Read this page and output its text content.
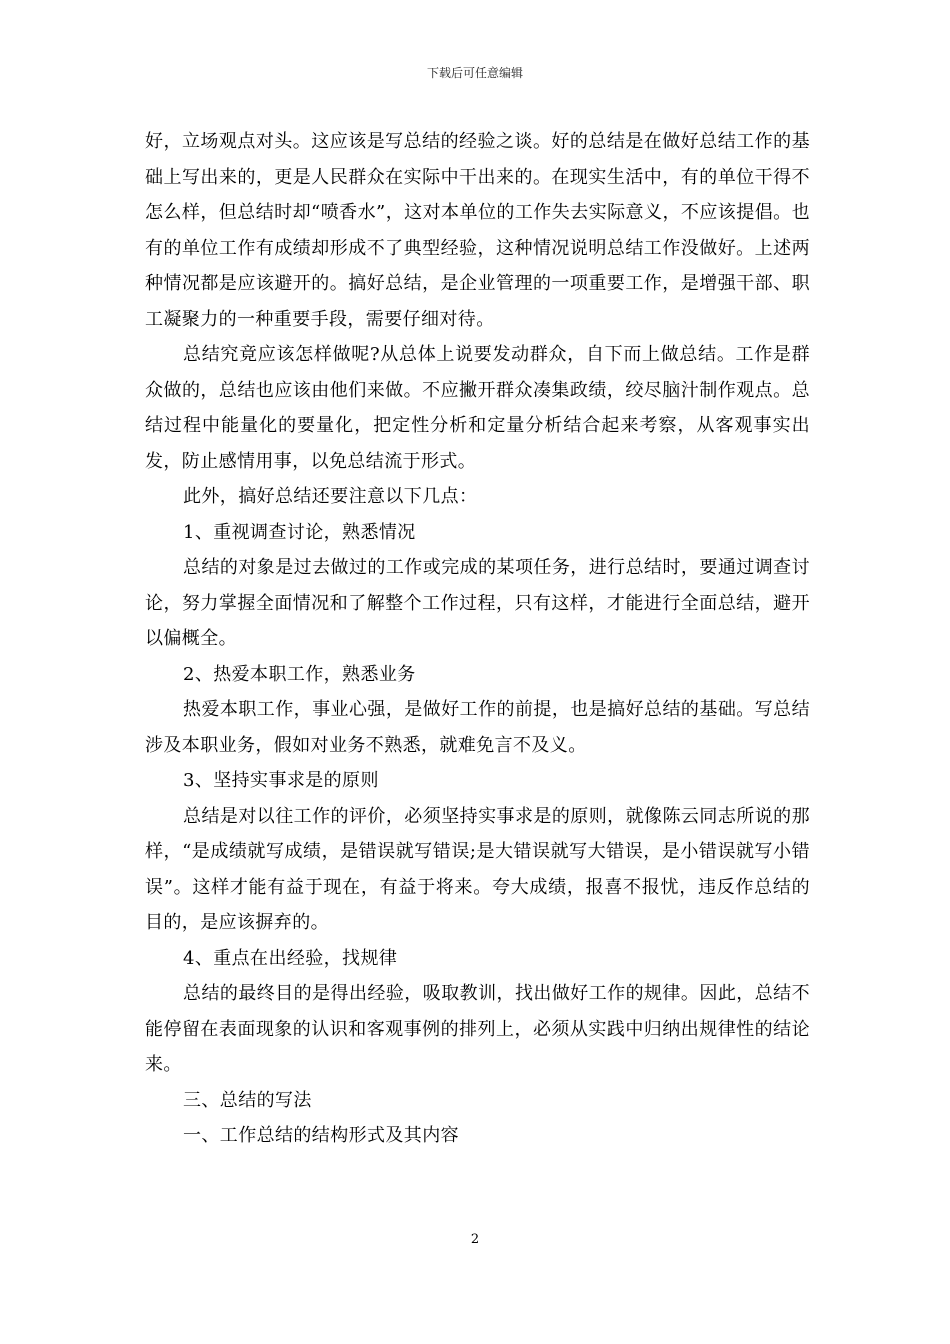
下载后可任意编辑

好，立场观点对头。这应该是写总结的经验之谈。好的总结是在做好总结工作的基础上写出来的，更是人民群众在实际中干出来的。在现实生活中，有的单位干得不怎么样，但总结时却“喷香水”，这对本单位的工作失去实际意义，不应该提倡。也有的单位工作有成绩却形成不了典型经验，这种情况说明总结工作没做好。上述两种情况都是应该避开的。搞好总结，是企业管理的一项重要工作，是增强干部、职工凝聚力的一种重要手段，需要仔细对待。

总结究竟应该怎样做呢?从总体上说要发动群众，自下而上做总结。工作是群众做的，总结也应该由他们来做。不应撇开群众凑集政绩，绞尽脑汁制作观点。总结过程中能量化的要量化，把定性分析和定量分析结合起来考察，从客观事实出发，防止感情用事，以免总结流于形式。

此外，搞好总结还要注意以下几点：

1、重视调查讨论，熟悉情况

总结的对象是过去做过的工作或完成的某项任务，进行总结时，要通过调查讨论，努力掌握全面情况和了解整个工作过程，只有这样，才能进行全面总结，避开以偏概全。

2、热爱本职工作，熟悉业务

热爱本职工作，事业心强，是做好工作的前提，也是搞好总结的基础。写总结涉及本职业务，假如对业务不熟悉，就难免言不及义。

3、坚持实事求是的原则

总结是对以往工作的评价，必须坚持实事求是的原则，就像陈云同志所说的那样，“是成绩就写成绩，是错误就写错误;是大错误就写大错误，是小错误就写小错误”。这样才能有益于现在，有益于将来。夸大成绩，报喜不报忧，违反作总结的目的，是应该摒弃的。

4、重点在出经验，找规律

总结的最终目的是得出经验，吸取教训，找出做好工作的规律。因此，总结不能停留在表面现象的认识和客观事例的排列上，必须从实践中归纳出规律性的结论来。

三、总结的写法

一、工作总结的结构形式及其内容

2
